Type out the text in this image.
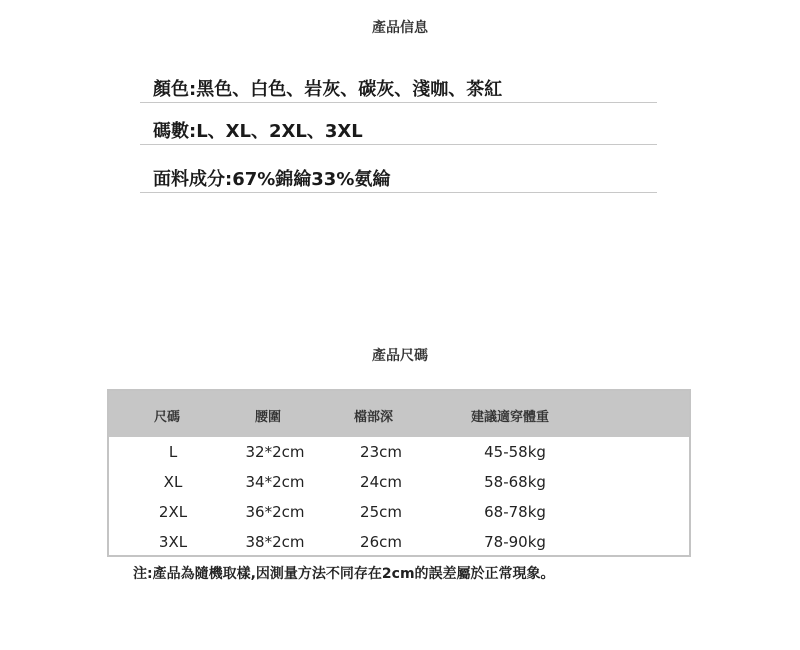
產品信息
顏色:黑色、白色、岩灰、碳灰、淺咖、茶紅
碼數:L、XL、2XL、3XL
面料成分:67%錦綸33%氨綸
產品尺碼
尺碼	腰圍	檔部深	建議適穿體重
L	32*2cm	23cm	45-58kg
XL	34*2cm	24cm	58-68kg
2XL	36*2cm	25cm	68-78kg
3XL	38*2cm	26cm	78-90kg
注:產品為隨機取樣,因測量方法不同存在2cm的誤差屬於正常現象。
